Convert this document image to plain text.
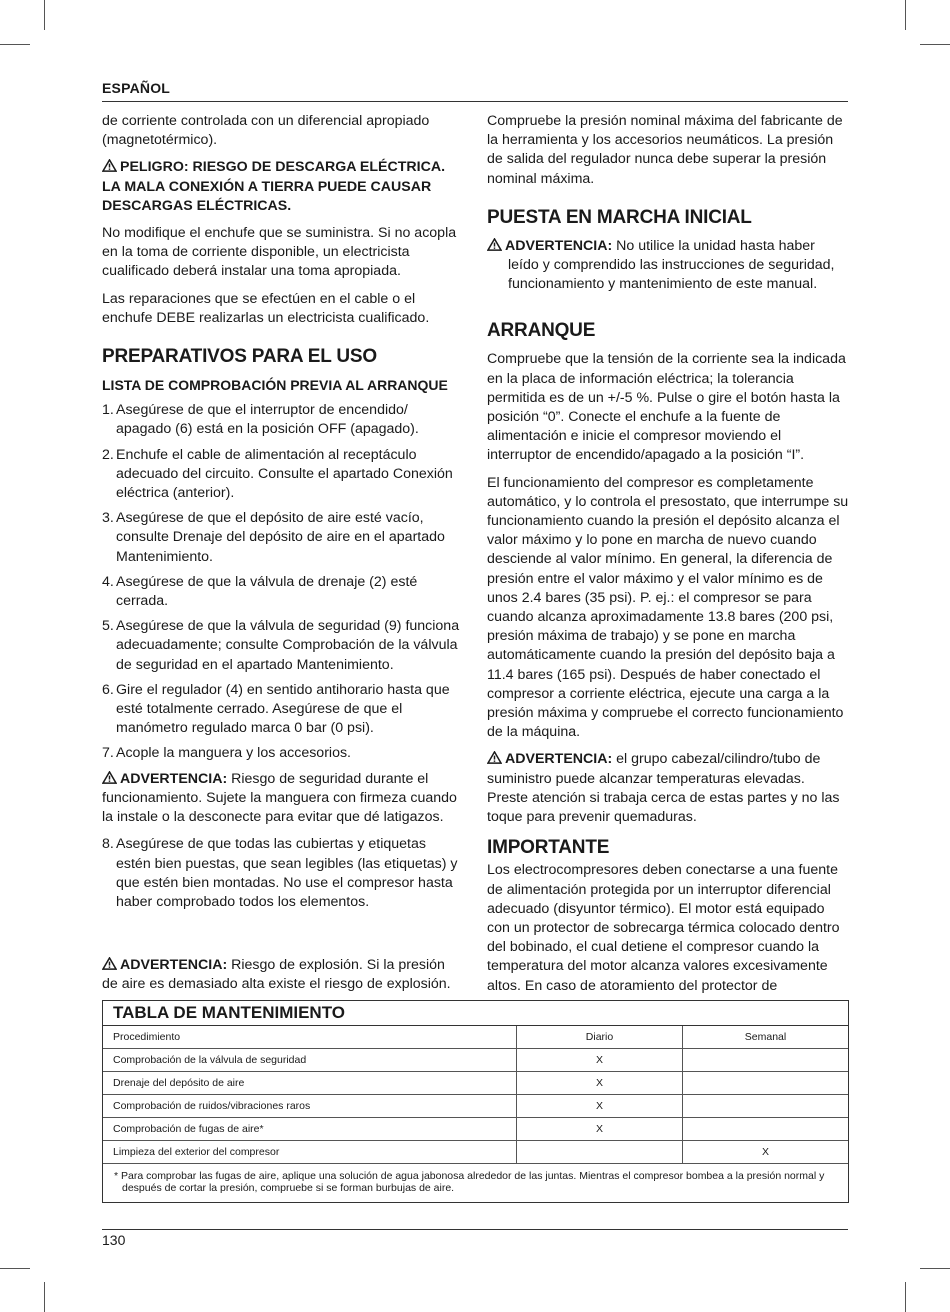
ESPAÑOL

de corriente controlada con un diferencial apropiado (magnetotérmico).

PELIGRO: RIESGO DE DESCARGA ELÉCTRICA. LA MALA CONEXIÓN A TIERRA PUEDE CAUSAR DESCARGAS ELÉCTRICAS.

No modifique el enchufe que se suministra. Si no acopla en la toma de corriente disponible, un electricista cualificado deberá instalar una toma apropiada.

Las reparaciones que se efectúen en el cable o el enchufe DEBE realizarlas un electricista cualificado.

PREPARATIVOS PARA EL USO
LISTA DE COMPROBACIÓN PREVIA AL ARRANQUE
1. Asegúrese de que el interruptor de encendido/ apagado (6) está en la posición OFF (apagado).
2. Enchufe el cable de alimentación al receptáculo adecuado del circuito. Consulte el apartado Conexión eléctrica (anterior).
3. Asegúrese de que el depósito de aire esté vacío, consulte Drenaje del depósito de aire en el apartado Mantenimiento.
4. Asegúrese de que la válvula de drenaje (2) esté cerrada.
5. Asegúrese de que la válvula de seguridad (9) funciona adecuadamente; consulte Comprobación de la válvula de seguridad en el apartado Mantenimiento.
6. Gire el regulador (4) en sentido antihorario hasta que esté totalmente cerrado. Asegúrese de que el manómetro regulado marca 0 bar (0 psi).
7. Acople la manguera y los accesorios.

ADVERTENCIA: Riesgo de seguridad durante el funcionamiento. Sujete la manguera con firmeza cuando la instale o la desconecte para evitar que dé latigazos.

8. Asegúrese de que todas las cubiertas y etiquetas estén bien puestas, que sean legibles (las etiquetas) y que estén bien montadas. No use el compresor hasta haber comprobado todos los elementos.

ADVERTENCIA: Riesgo de explosión. Si la presión de aire es demasiado alta existe el riesgo de explosión.

Compruebe la presión nominal máxima del fabricante de la herramienta y los accesorios neumáticos. La presión de salida del regulador nunca debe superar la presión nominal máxima.

PUESTA EN MARCHA INICIAL

ADVERTENCIA: No utilice la unidad hasta haber leído y comprendido las instrucciones de seguridad, funcionamiento y mantenimiento de este manual.

ARRANQUE

Compruebe que la tensión de la corriente sea la indicada en la placa de información eléctrica; la tolerancia permitida es de un +/-5 %. Pulse o gire el botón hasta la posición “0”. Conecte el enchufe a la fuente de alimentación e inicie el compresor moviendo el interruptor de encendido/apagado a la posición “I”.

El funcionamiento del compresor es completamente automático, y lo controla el presostato, que interrumpe su funcionamiento cuando la presión el depósito alcanza el valor máximo y lo pone en marcha de nuevo cuando desciende al valor mínimo. En general, la diferencia de presión entre el valor máximo y el valor mínimo es de unos 2.4 bares (35 psi). P. ej.: el compresor se para cuando alcanza aproximadamente 13.8 bares (200 psi, presión máxima de trabajo) y se pone en marcha automáticamente cuando la presión del depósito baja a 11.4 bares (165 psi). Después de haber conectado el compresor a corriente eléctrica, ejecute una carga a la presión máxima y compruebe el correcto funcionamiento de la máquina.

ADVERTENCIA: el grupo cabezal/cilindro/tubo de suministro puede alcanzar temperaturas elevadas. Preste atención si trabaja cerca de estas partes y no las toque para prevenir quemaduras.

IMPORTANTE

Los electrocompresores deben conectarse a una fuente de alimentación protegida por un interruptor diferencial adecuado (disyuntor térmico). El motor está equipado con un protector de sobrecarga térmica colocado dentro del bobinado, el cual detiene el compresor cuando la temperatura del motor alcanza valores excesivamente altos. En caso de atoramiento del protector de

TABLA DE MANTENIMIENTO
Procedimiento	Diario	Semanal
Comprobación de la válvula de seguridad	X	
Drenaje del depósito de aire	X	
Comprobación de ruidos/vibraciones raros	X	
Comprobación de fugas de aire*	X	
Limpieza del exterior del compresor		X
* Para comprobar las fugas de aire, aplique una solución de agua jabonosa alrededor de las juntas. Mientras el compresor bombea a la presión normal y después de cortar la presión, compruebe si se forman burbujas de aire.
130
